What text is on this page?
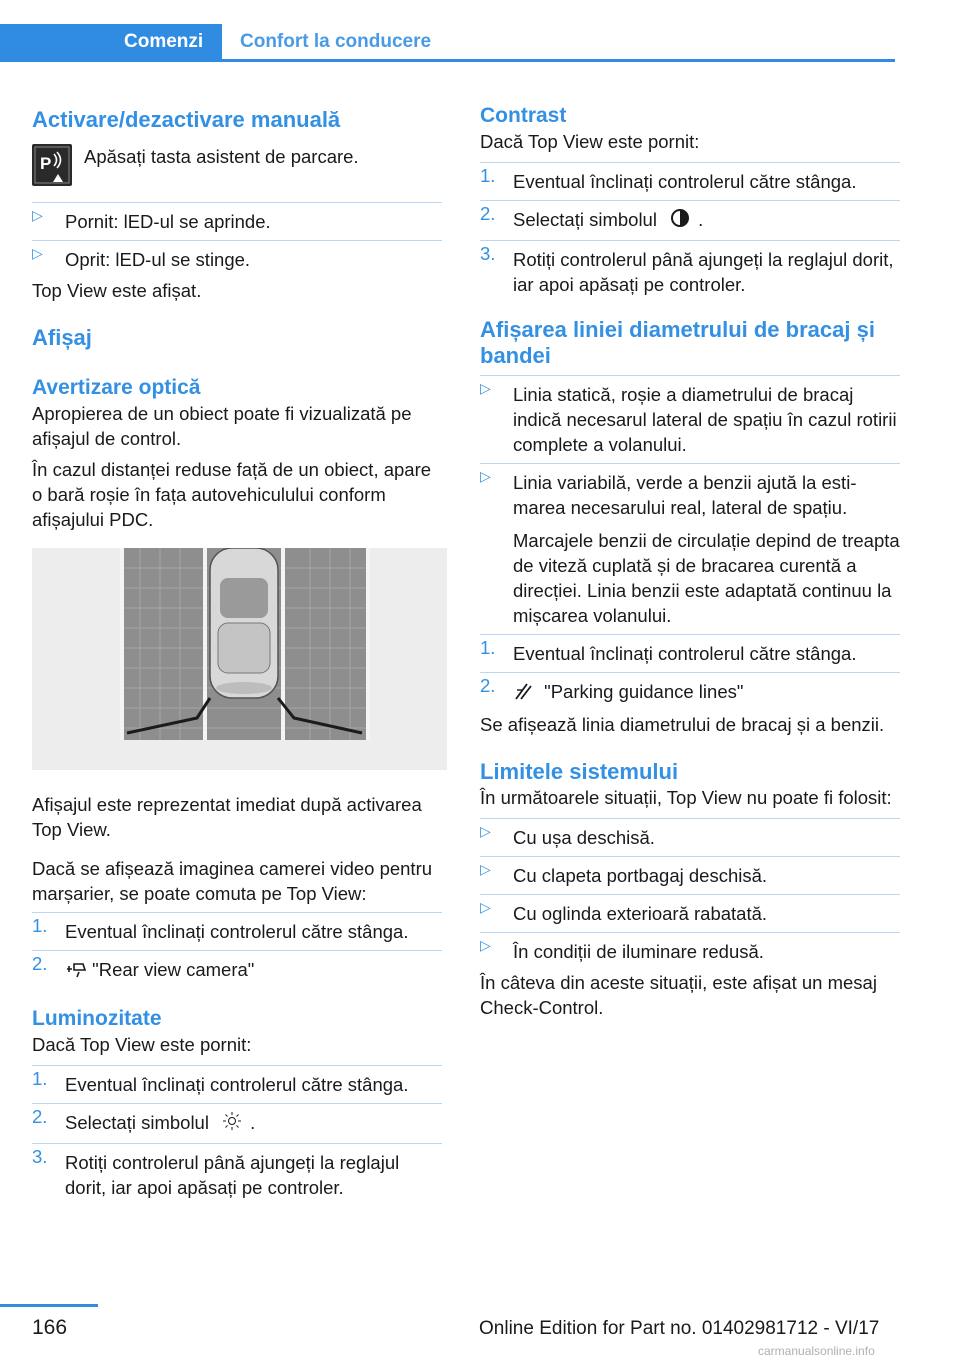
Comenzi	Confort la conducere
Activare/dezactivare manuală
P Apăsați tasta asistent de parcare.
▷ Pornit: lED-ul se aprinde.
▷ Oprit: lED-ul se stinge.

Top View este afișat.

Afișaj
Avertizare optică

Apropierea de un obiect poate fi vizualizată pe afișajul de control.

În cazul distanței reduse față de un obiect, apare o bară roșie în fața autovehiculului conform afișajului PDC.

Afișajul este reprezentat imediat după activarea Top View.

Dacă se afișează imaginea camerei video pentru marșarier, se poate comuta pe Top View:

1. Eventual înclinați controlerul către stânga.
2. "Rear view camera"
Luminozitate

Dacă Top View este pornit:

1. Eventual înclinați controlerul către stânga.
2. Selectați simbolul .
3. Rotiți controlerul până ajungeți la reglajul dorit, iar apoi apăsați pe controler.
Contrast

Dacă Top View este pornit:

1. Eventual înclinați controlerul către stânga.
2. Selectați simbolul .
3. Rotiți controlerul până ajungeți la reglajul dorit, iar apoi apăsați pe controler.
Afișarea liniei diametrului de bracaj și bandei
▷ Linia statică, roșie a diametrului de bracaj indică necesarul lateral de spațiu în cazul rotirii complete a volanului.
▷ Linia variabilă, verde a benzii ajută la estimarea necesarului real, lateral de spațiu.
Marcajele benzii de circulație depind de treapta de viteză cuplată și de bracarea curentă a direcției. Linia benzii este adaptată continuu la mișcarea volanului.
1. Eventual înclinați controlerul către stânga.
2.	"Parking guidance lines"

Se afișează linia diametrului de bracaj și a benzii.

Limitele sistemului

În următoarele situații, Top View nu poate fi folosit:

▷ Cu ușa deschisă.
▷ Cu clapeta portbagaj deschisă.
▷ Cu oglinda exterioară rabatată.
▷ În condiții de iluminare redusă.

În câteva din aceste situații, este afișat un mesaj Check-Control.

166	Online Edition for Part no. 01402981712 - VI/17
carmanualsonline.info
